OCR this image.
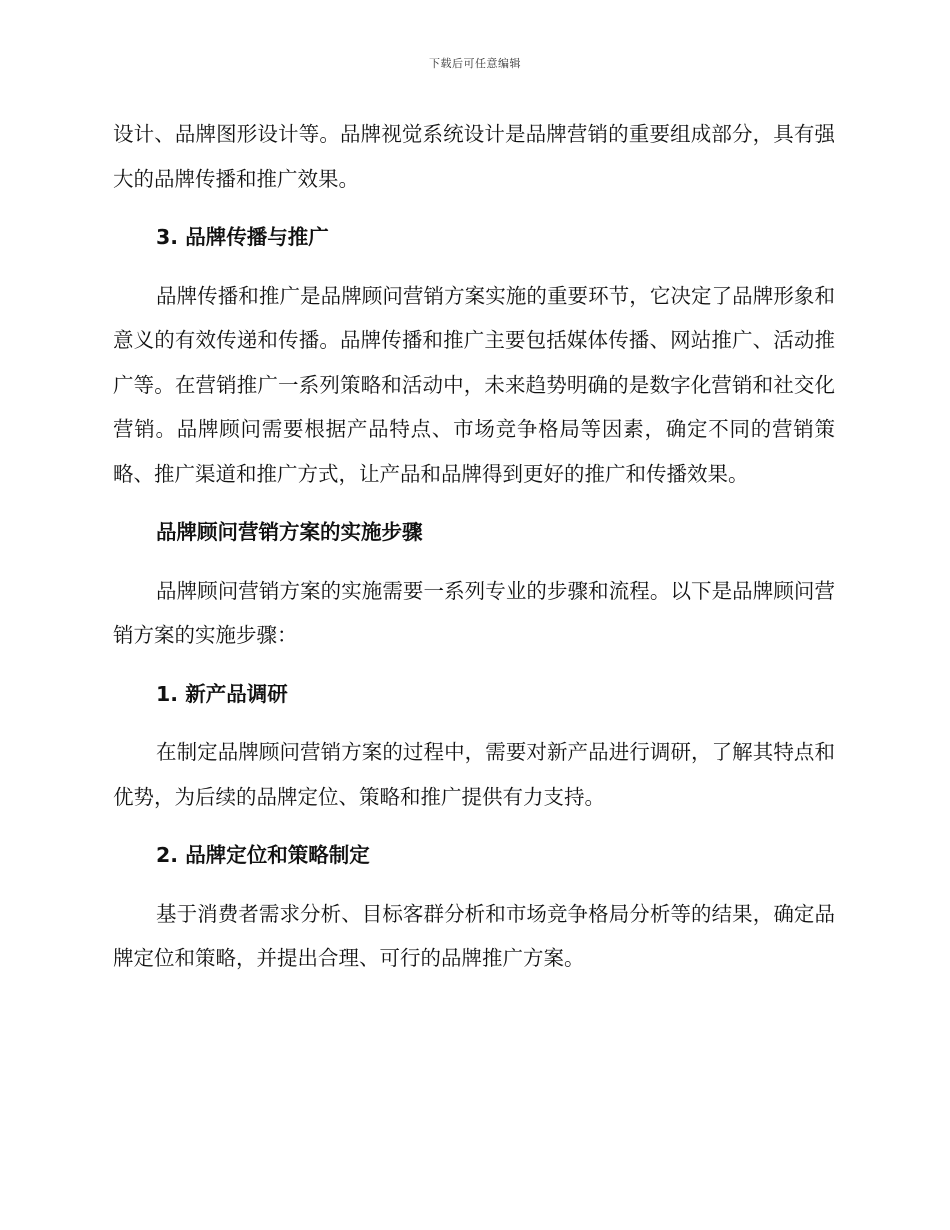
下载后可任意编辑

设计、品牌图形设计等。品牌视觉系统设计是品牌营销的重要组成部分，具有强大的品牌传播和推广效果。

3. 品牌传播与推广

品牌传播和推广是品牌顾问营销方案实施的重要环节，它决定了品牌形象和意义的有效传递和传播。品牌传播和推广主要包括媒体传播、网站推广、活动推广等。在营销推广一系列策略和活动中，未来趋势明确的是数字化营销和社交化营销。品牌顾问需要根据产品特点、市场竞争格局等因素，确定不同的营销策略、推广渠道和推广方式，让产品和品牌得到更好的推广和传播效果。

品牌顾问营销方案的实施步骤

品牌顾问营销方案的实施需要一系列专业的步骤和流程。以下是品牌顾问营销方案的实施步骤：

1. 新产品调研

在制定品牌顾问营销方案的过程中，需要对新产品进行调研，了解其特点和优势，为后续的品牌定位、策略和推广提供有力支持。

2. 品牌定位和策略制定

基于消费者需求分析、目标客群分析和市场竞争格局分析等的结果，确定品牌定位和策略，并提出合理、可行的品牌推广方案。
